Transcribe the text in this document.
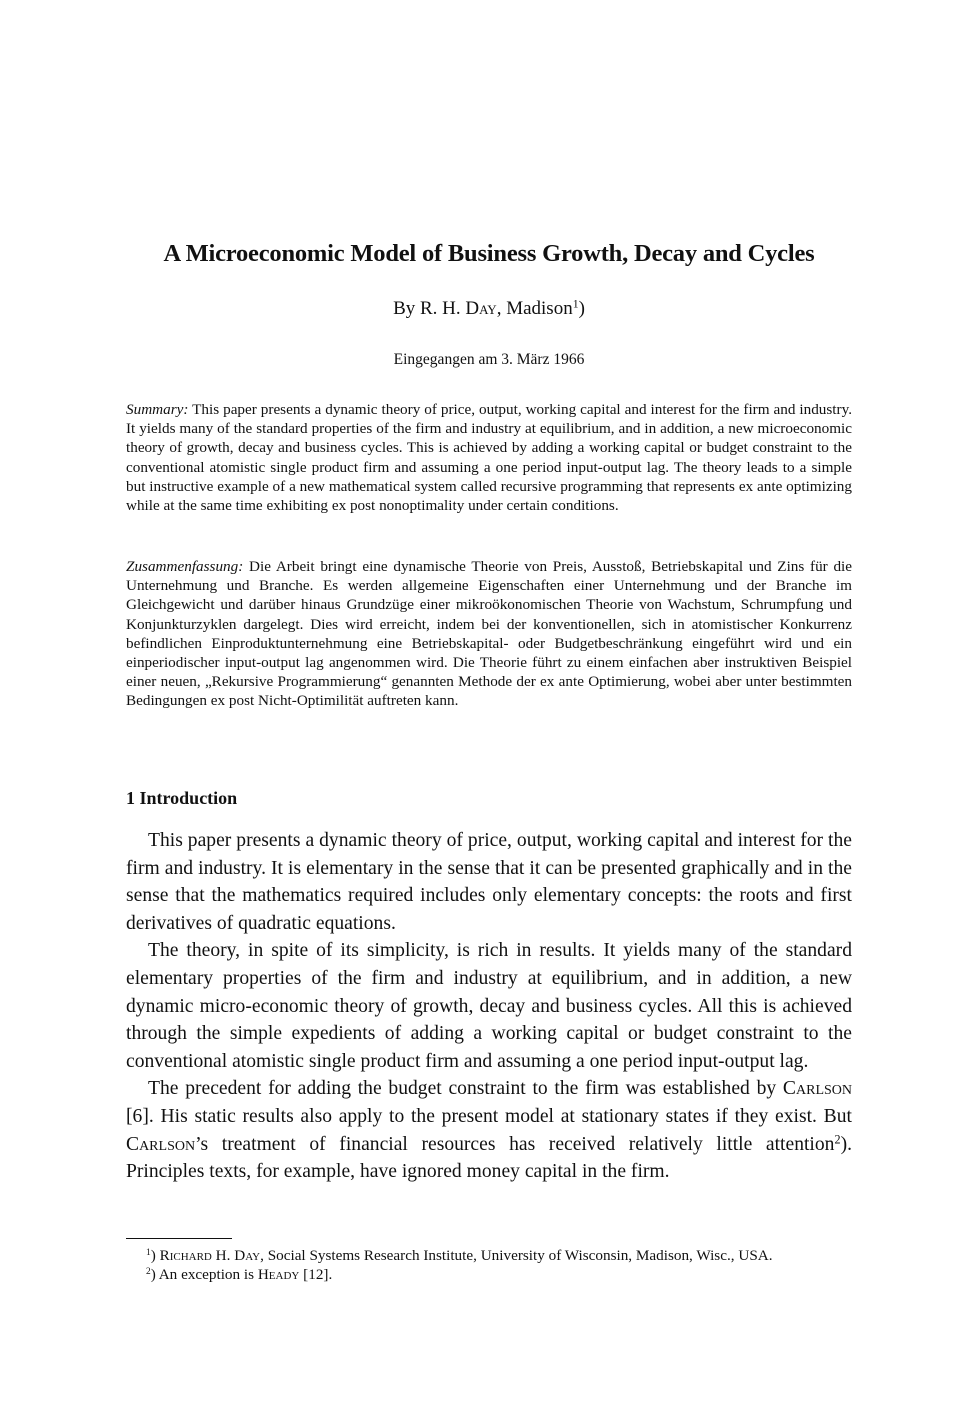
A Microeconomic Model of Business Growth, Decay and Cycles

By R. H. Day, Madison$^1$)

Eingegangen am 3. März 1966

Summary: This paper presents a dynamic theory of price, output, working capital and interest for the firm and industry. It yields many of the standard properties of the firm and industry at equilibrium, and in addition, a new microeconomic theory of growth, decay and business cycles. This is achieved by adding a working capital or budget constraint to the conventional atomistic single product firm and assuming a one period input-output lag. The theory leads to a simple but instructive example of a new mathematical system called recursive programming that represents ex ante optimizing while at the same time exhibiting ex post nonoptimality under certain conditions.

Zusammenfassung: Die Arbeit bringt eine dynamische Theorie von Preis, Ausstoß, Betriebskapital und Zins für die Unternehmung und Branche. Es werden allgemeine Eigenschaften einer Unternehmung und der Branche im Gleichgewicht und darüber hinaus Grundzüge einer mikroökonomischen Theorie von Wachstum, Schrumpfung und Konjunkturzyklen dargelegt. Dies wird erreicht, indem bei der konventionellen, sich in atomistischer Konkurrenz befindlichen Einproduktunternehmung eine Betriebskapital- oder Budgetbeschränkung eingeführt wird und ein einperiodischer input-output lag angenommen wird. Die Theorie führt zu einem einfachen aber instruktiven Beispiel einer neuen, „Rekursive Programmierung“ genannten Methode der ex ante Optimierung, wobei aber unter bestimmten Bedingungen ex post Nicht-Optimilität auftreten kann.

1 Introduction

This paper presents a dynamic theory of price, output, working capital and interest for the firm and industry. It is elementary in the sense that it can be presented graphically and in the sense that the mathematics required includes only elementary concepts: the roots and first derivatives of quadratic equations.

The theory, in spite of its simplicity, is rich in results. It yields many of the standard elementary properties of the firm and industry at equilibrium, and in addition, a new dynamic micro-economic theory of growth, decay and business cycles. All this is achieved through the simple expedients of adding a working capital or budget constraint to the conventional atomistic single product firm and assuming a one period input-output lag.

The precedent for adding the budget constraint to the firm was established by Carlson [6]. His static results also apply to the present model at stationary states if they exist. But Carlson’s treatment of financial resources has received relatively little attention$^2$). Principles texts, for example, have ignored money capital in the firm.

$^1$) Richard H. Day, Social Systems Research Institute, University of Wisconsin, Madison, Wisc., USA.

$^2$) An exception is Heady [12].
